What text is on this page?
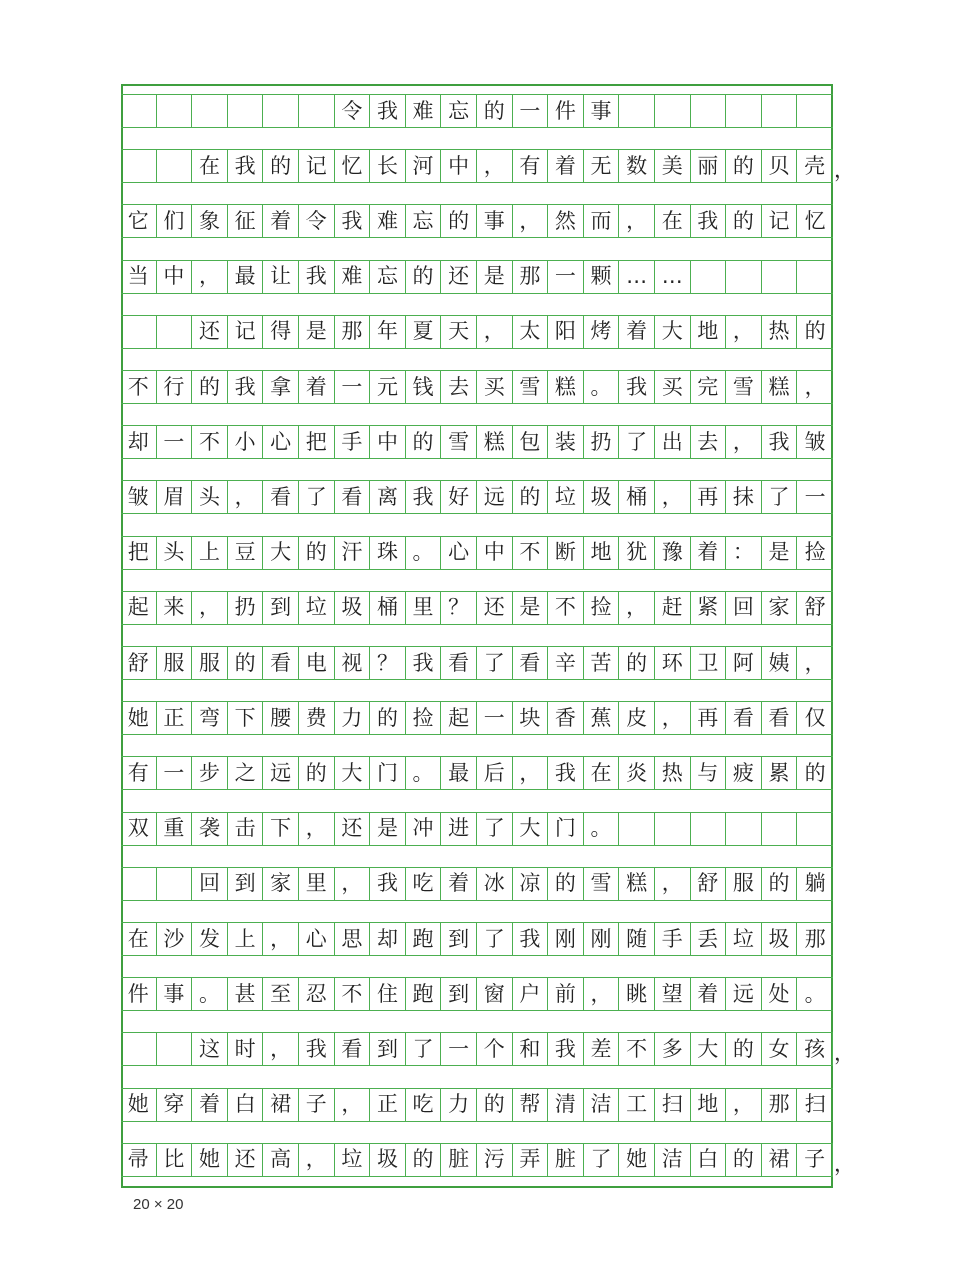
令 我 难 忘 的 一 件 事
在 我 的 记 忆 长 河 中 ， 有 着 无 数 美 丽 的 贝 壳 ，
它 们 象 征 着 令 我 难 忘 的 事 ， 然 而 ， 在 我 的 记 忆
当 中 ， 最 让 我 难 忘 的 还 是 那 一 颗 … …
还 记 得 是 那 年 夏 天 ， 太 阳 烤 着 大 地 ， 热 的
不 行 的 我 拿 着 一 元 钱 去 买 雪 糕 。 我 买 完 雪 糕 ，
却 一 不 小 心 把 手 中 的 雪 糕 包 装 扔 了 出 去 ， 我 皱
皱 眉 头 ， 看 了 看 离 我 好 远 的 垃 圾 桶 ， 再 抹 了 一
把 头 上 豆 大 的 汗 珠 。 心 中 不 断 地 犹 豫 着 ： 是 捡
起 来 ， 扔 到 垃 圾 桶 里 ？ 还 是 不 捡 ， 赶 紧 回 家 舒
舒 服 服 的 看 电 视 ？ 我 看 了 看 辛 苦 的 环 卫 阿 姨 ，
她 正 弯 下 腰 费 力 的 捡 起 一 块 香 蕉 皮 ， 再 看 看 仅
有 一 步 之 远 的 大 门 。 最 后 ， 我 在 炎 热 与 疲 累 的
双 重 袭 击 下 ， 还 是 冲 进 了 大 门 。
回 到 家 里 ， 我 吃 着 冰 凉 的 雪 糕 ， 舒 服 的 躺
在 沙 发 上 ， 心 思 却 跑 到 了 我 刚 刚 随 手 丢 垃 圾 那
件 事 。 甚 至 忍 不 住 跑 到 窗 户 前 ， 眺 望 着 远 处 。
这 时 ， 我 看 到 了 一 个 和 我 差 不 多 大 的 女 孩 ，
她 穿 着 白 裙 子 ， 正 吃 力 的 帮 清 洁 工 扫 地 ， 那 扫
帚 比 她 还 高 ， 垃 圾 的 脏 污 弄 脏 了 她 洁 白 的 裙 子 ，
20 × 20
